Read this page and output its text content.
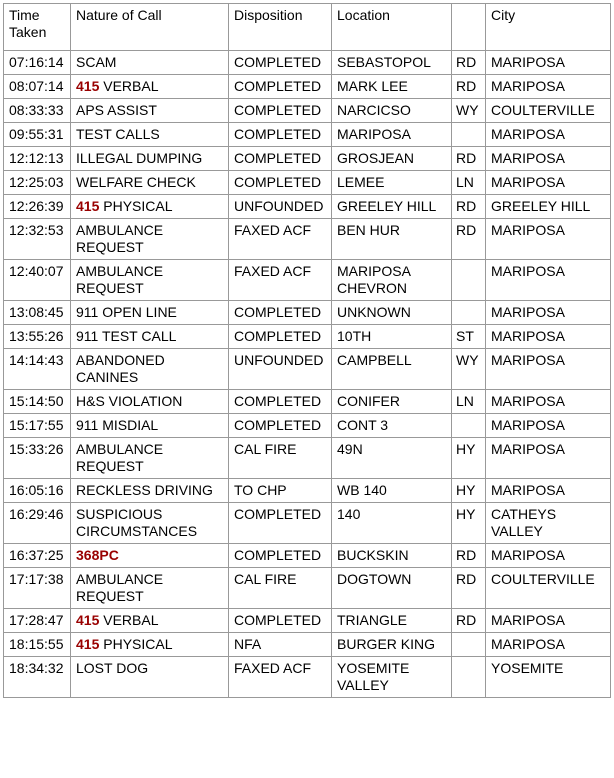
Time Taken	Nature of Call	Disposition	Location		City
07:16:14	SCAM	COMPLETED	SEBASTOPOL	RD	MARIPOSA
08:07:14	415 VERBAL	COMPLETED	MARK LEE	RD	MARIPOSA
08:33:33	APS ASSIST	COMPLETED	NARCICSO	WY	COULTERVILLE
09:55:31	TEST CALLS	COMPLETED	MARIPOSA		MARIPOSA
12:12:13	ILLEGAL DUMPING	COMPLETED	GROSJEAN	RD	MARIPOSA
12:25:03	WELFARE CHECK	COMPLETED	LEMEE	LN	MARIPOSA
12:26:39	415 PHYSICAL	UNFOUNDED	GREELEY HILL	RD	GREELEY HILL
12:32:53	AMBULANCE REQUEST	FAXED ACF	BEN HUR	RD	MARIPOSA
12:40:07	AMBULANCE REQUEST	FAXED ACF	MARIPOSA CHEVRON		MARIPOSA
13:08:45	911 OPEN LINE	COMPLETED	UNKNOWN		MARIPOSA
13:55:26	911 TEST CALL	COMPLETED	10TH	ST	MARIPOSA
14:14:43	ABANDONED CANINES	UNFOUNDED	CAMPBELL	WY	MARIPOSA
15:14:50	H&S VIOLATION	COMPLETED	CONIFER	LN	MARIPOSA
15:17:55	911 MISDIAL	COMPLETED	CONT 3		MARIPOSA
15:33:26	AMBULANCE REQUEST	CAL FIRE	49N	HY	MARIPOSA
16:05:16	RECKLESS DRIVING	TO CHP	WB 140	HY	MARIPOSA
16:29:46	SUSPICIOUS CIRCUMSTANCES	COMPLETED	140	HY	CATHEYS VALLEY
16:37:25	368PC	COMPLETED	BUCKSKIN	RD	MARIPOSA
17:17:38	AMBULANCE REQUEST	CAL FIRE	DOGTOWN	RD	COULTERVILLE
17:28:47	415 VERBAL	COMPLETED	TRIANGLE	RD	MARIPOSA
18:15:55	415 PHYSICAL	NFA	BURGER KING		MARIPOSA
18:34:32	LOST DOG	FAXED ACF	YOSEMITE VALLEY		YOSEMITE
